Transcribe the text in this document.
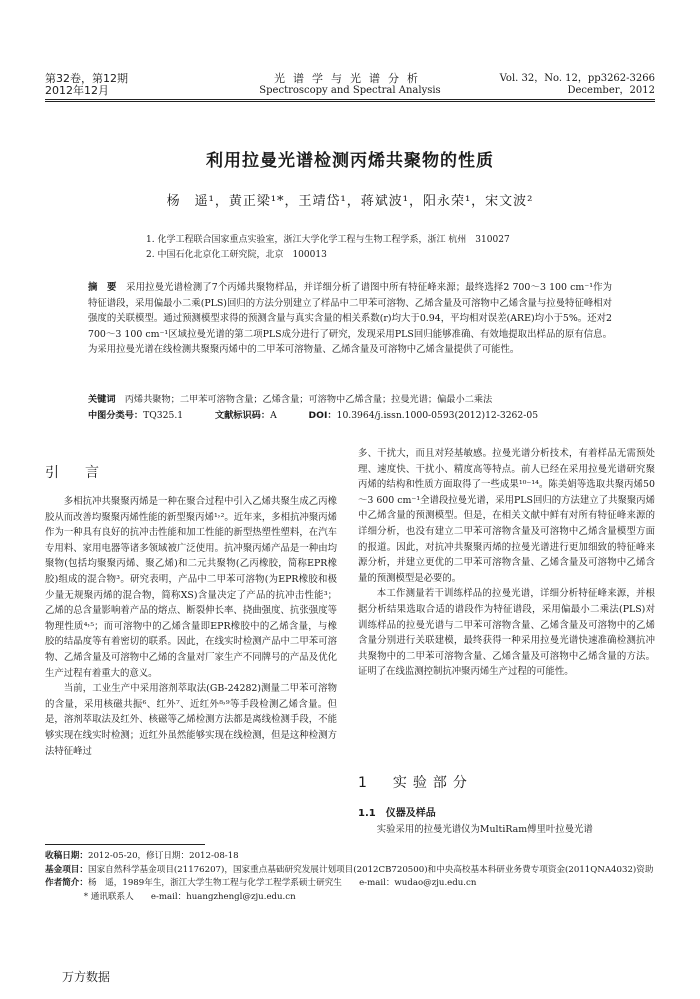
第32卷，第12期
2012年12月
光谱学与光谱分析
Spectroscopy and Spectral Analysis
Vol. 32，No. 12，pp3262-3266
December，2012
利用拉曼光谱检测丙烯共聚物的性质
杨　遥¹，黄正梁¹*，王靖岱¹，蒋斌波¹，阳永荣¹，宋文波²
1. 化学工程联合国家重点实验室，浙江大学化学工程与生物工程学系，浙江 杭州　310027
2. 中国石化北京化工研究院，北京　100013
摘　要　 采用拉曼光谱检测了7个丙烯共聚物样品，并详细分析了谱图中所有特征峰来源；最终选择2 700～3 100 cm⁻¹作为特征谱段，采用偏最小二乘(PLS)回归的方法分别建立了样品中二甲苯可溶物、乙烯含量及可溶物中乙烯含量与拉曼特征峰相对强度的关联模型。通过预测模型求得的预测含量与真实含量的相关系数(r)均大于0.94，平均相对误差(ARE)均小于5%。还对2 700～3 100 cm⁻¹区域拉曼光谱的第二项PLS成分进行了研究，发现采用PLS回归能够准确、有效地提取出样品的原有信息。为采用拉曼光谱在线检测共聚聚丙烯中的二甲苯可溶物量、乙烯含量及可溶物中乙烯含量提供了可能性。
关键词　 丙烯共聚物；二甲苯可溶物含量；乙烯含量；可溶物中乙烯含量；拉曼光谱；偏最小二乘法
中图分类号：TQ325.1	文献标识码：A	DOI：10.3964/j.issn.1000-0593(2012)12-3262-05
引　言

多相抗冲共聚聚丙烯是一种在聚合过程中引入乙烯共聚生成乙丙橡胶从而改善均聚聚丙烯性能的新型聚丙烯¹˒²。近年来，多相抗冲聚丙烯作为一种具有良好的抗冲击性能和加工性能的新型热塑性塑料，在汽车专用料、家用电器等诸多领域被广泛使用。抗冲聚丙烯产品是一种由均聚物(包括均聚聚丙烯、聚乙烯)和二元共聚物(乙丙橡胶，简称EPR橡胶)组成的混合物³。研究表明，产品中二甲苯可溶物(为EPR橡胶和极少量无规聚丙烯的混合物，简称XS)含量决定了产品的抗冲击性能³；乙烯的总含量影响着产品的熔点、断裂伸长率、挠曲强度、抗张强度等物理性质⁴˒⁵；而可溶物中的乙烯含量即EPR橡胶中的乙烯含量，与橡胶的结晶度等有着密切的联系。因此，在线实时检测产品中二甲苯可溶物、乙烯含量及可溶物中乙烯的含量对厂家生产不同牌号的产品及优化生产过程有着重大的意义。

当前，工业生产中采用溶剂萃取法(GB-24282)测量二甲苯可溶物的含量，采用核磁共振⁶、红外⁷、近红外⁸˒⁹等手段检测乙烯含量。但是，溶剂萃取法及红外、核磁等乙烯检测方法都是离线检测手段，不能够实现在线实时检测；近红外虽然能够实现在线检测，但是这种检测方法特征峰过

多、干扰大，而且对羟基敏感。拉曼光谱分析技术，有着样品无需预处理、速度快、干扰小、精度高等特点。前人已经在采用拉曼光谱研究聚丙烯的结构和性质方面取得了一些成果¹⁰⁻¹⁴。陈美娟等选取共聚丙烯50～3 600 cm⁻¹全谱段拉曼光谱，采用PLS回归的方法建立了共聚聚丙烯中乙烯含量的预测模型。但是，在相关文献中鲜有对所有特征峰来源的详细分析，也没有建立二甲苯可溶物含量及可溶物中乙烯含量模型方面的报道。因此，对抗冲共聚聚丙烯的拉曼光谱进行更加细致的特征峰来源分析，并建立更优的二甲苯可溶物含量、乙烯含量及可溶物中乙烯含量的预测模型是必要的。

本工作测量若干训练样品的拉曼光谱，详细分析特征峰来源，并根据分析结果选取合适的谱段作为特征谱段，采用偏最小二乘法(PLS)对训练样品的拉曼光谱与二甲苯可溶物含量、乙烯含量及可溶物中的乙烯含量分别进行关联建模，最终获得一种采用拉曼光谱快速准确检测抗冲共聚物中的二甲苯可溶物含量、乙烯含量及可溶物中乙烯含量的方法。证明了在线监测控制抗冲聚丙烯生产过程的可能性。

1　实验部分
1.1　仪器及样品

实验采用的拉曼光谱仪为MultiRam傅里叶拉曼光谱

收稿日期：2012-05-20，修订日期：2012-08-18
基金项目：国家自然科学基金项目(21176207)，国家重点基础研究发展计划项目(2012CB720500)和中央高校基本科研业务费专项资金(2011QNA4032)资助
作者简介：杨　遥，1989年生，浙江大学生物工程与化学工程学系硕士研究生　　e-mail：wudao@zju.edu.cn
* 通讯联系人　　e-mail：huangzhengl@zju.edu.cn
万方数据
